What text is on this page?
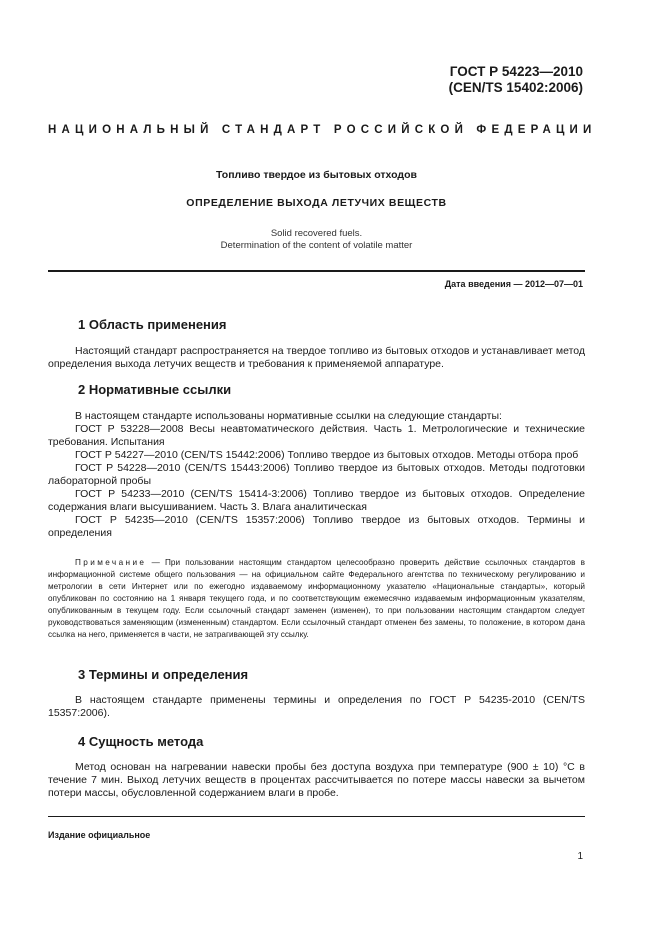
ГОСТ Р 54223—2010
(CEN/TS 15402:2006)
НАЦИОНАЛЬНЫЙ СТАНДАРТ РОССИЙСКОЙ ФЕДЕРАЦИИ
Топливо твердое из бытовых отходов
ОПРЕДЕЛЕНИЕ ВЫХОДА ЛЕТУЧИХ ВЕЩЕСТВ
Solid recovered fuels.
Determination of the content of volatile matter
Дата введения — 2012—07—01
1 Область применения
Настоящий стандарт распространяется на твердое топливо из бытовых отходов и устанавливает метод определения выхода летучих веществ и требования к применяемой аппаратуре.
2 Нормативные ссылки

В настоящем стандарте использованы нормативные ссылки на следующие стандарты:

ГОСТ Р 53228—2008 Весы неавтоматического действия. Часть 1. Метрологические и технические требования. Испытания

ГОСТ Р 54227—2010 (CEN/TS 15442:2006) Топливо твердое из бытовых отходов. Методы отбора проб

ГОСТ Р 54228—2010 (CEN/TS 15443:2006) Топливо твердое из бытовых отходов. Методы подготовки лабораторной пробы

ГОСТ Р 54233—2010 (CEN/TS 15414-3:2006) Топливо твердое из бытовых отходов. Определение содержания влаги высушиванием. Часть 3. Влага аналитическая

ГОСТ Р 54235—2010 (CEN/TS 15357:2006) Топливо твердое из бытовых отходов. Термины и определения

Примечание — При пользовании настоящим стандартом целесообразно проверить действие ссылочных стандартов в информационной системе общего пользования — на официальном сайте Федерального агентства по техническому регулированию и метрологии в сети Интернет или по ежегодно издаваемому информационному указателю «Национальные стандарты», который опубликован по состоянию на 1 января текущего года, и по соответствующим ежемесячно издаваемым информационным указателям, опубликованным в текущем году. Если ссылочный стандарт заменен (изменен), то при пользовании настоящим стандартом следует руководствоваться заменяющим (измененным) стандартом. Если ссылочный стандарт отменен без замены, то положение, в котором дана ссылка на него, применяется в части, не затрагивающей эту ссылку.
3 Термины и определения
В настоящем стандарте применены термины и определения по ГОСТ Р 54235-2010 (CEN/TS 15357:2006).
4 Сущность метода
Метод основан на нагревании навески пробы без доступа воздуха при температуре (900 ± 10) °С в течение 7 мин. Выход летучих веществ в процентах рассчитывается по потере массы навески за вычетом потери массы, обусловленной содержанием влаги в пробе.
Издание официальное
1
